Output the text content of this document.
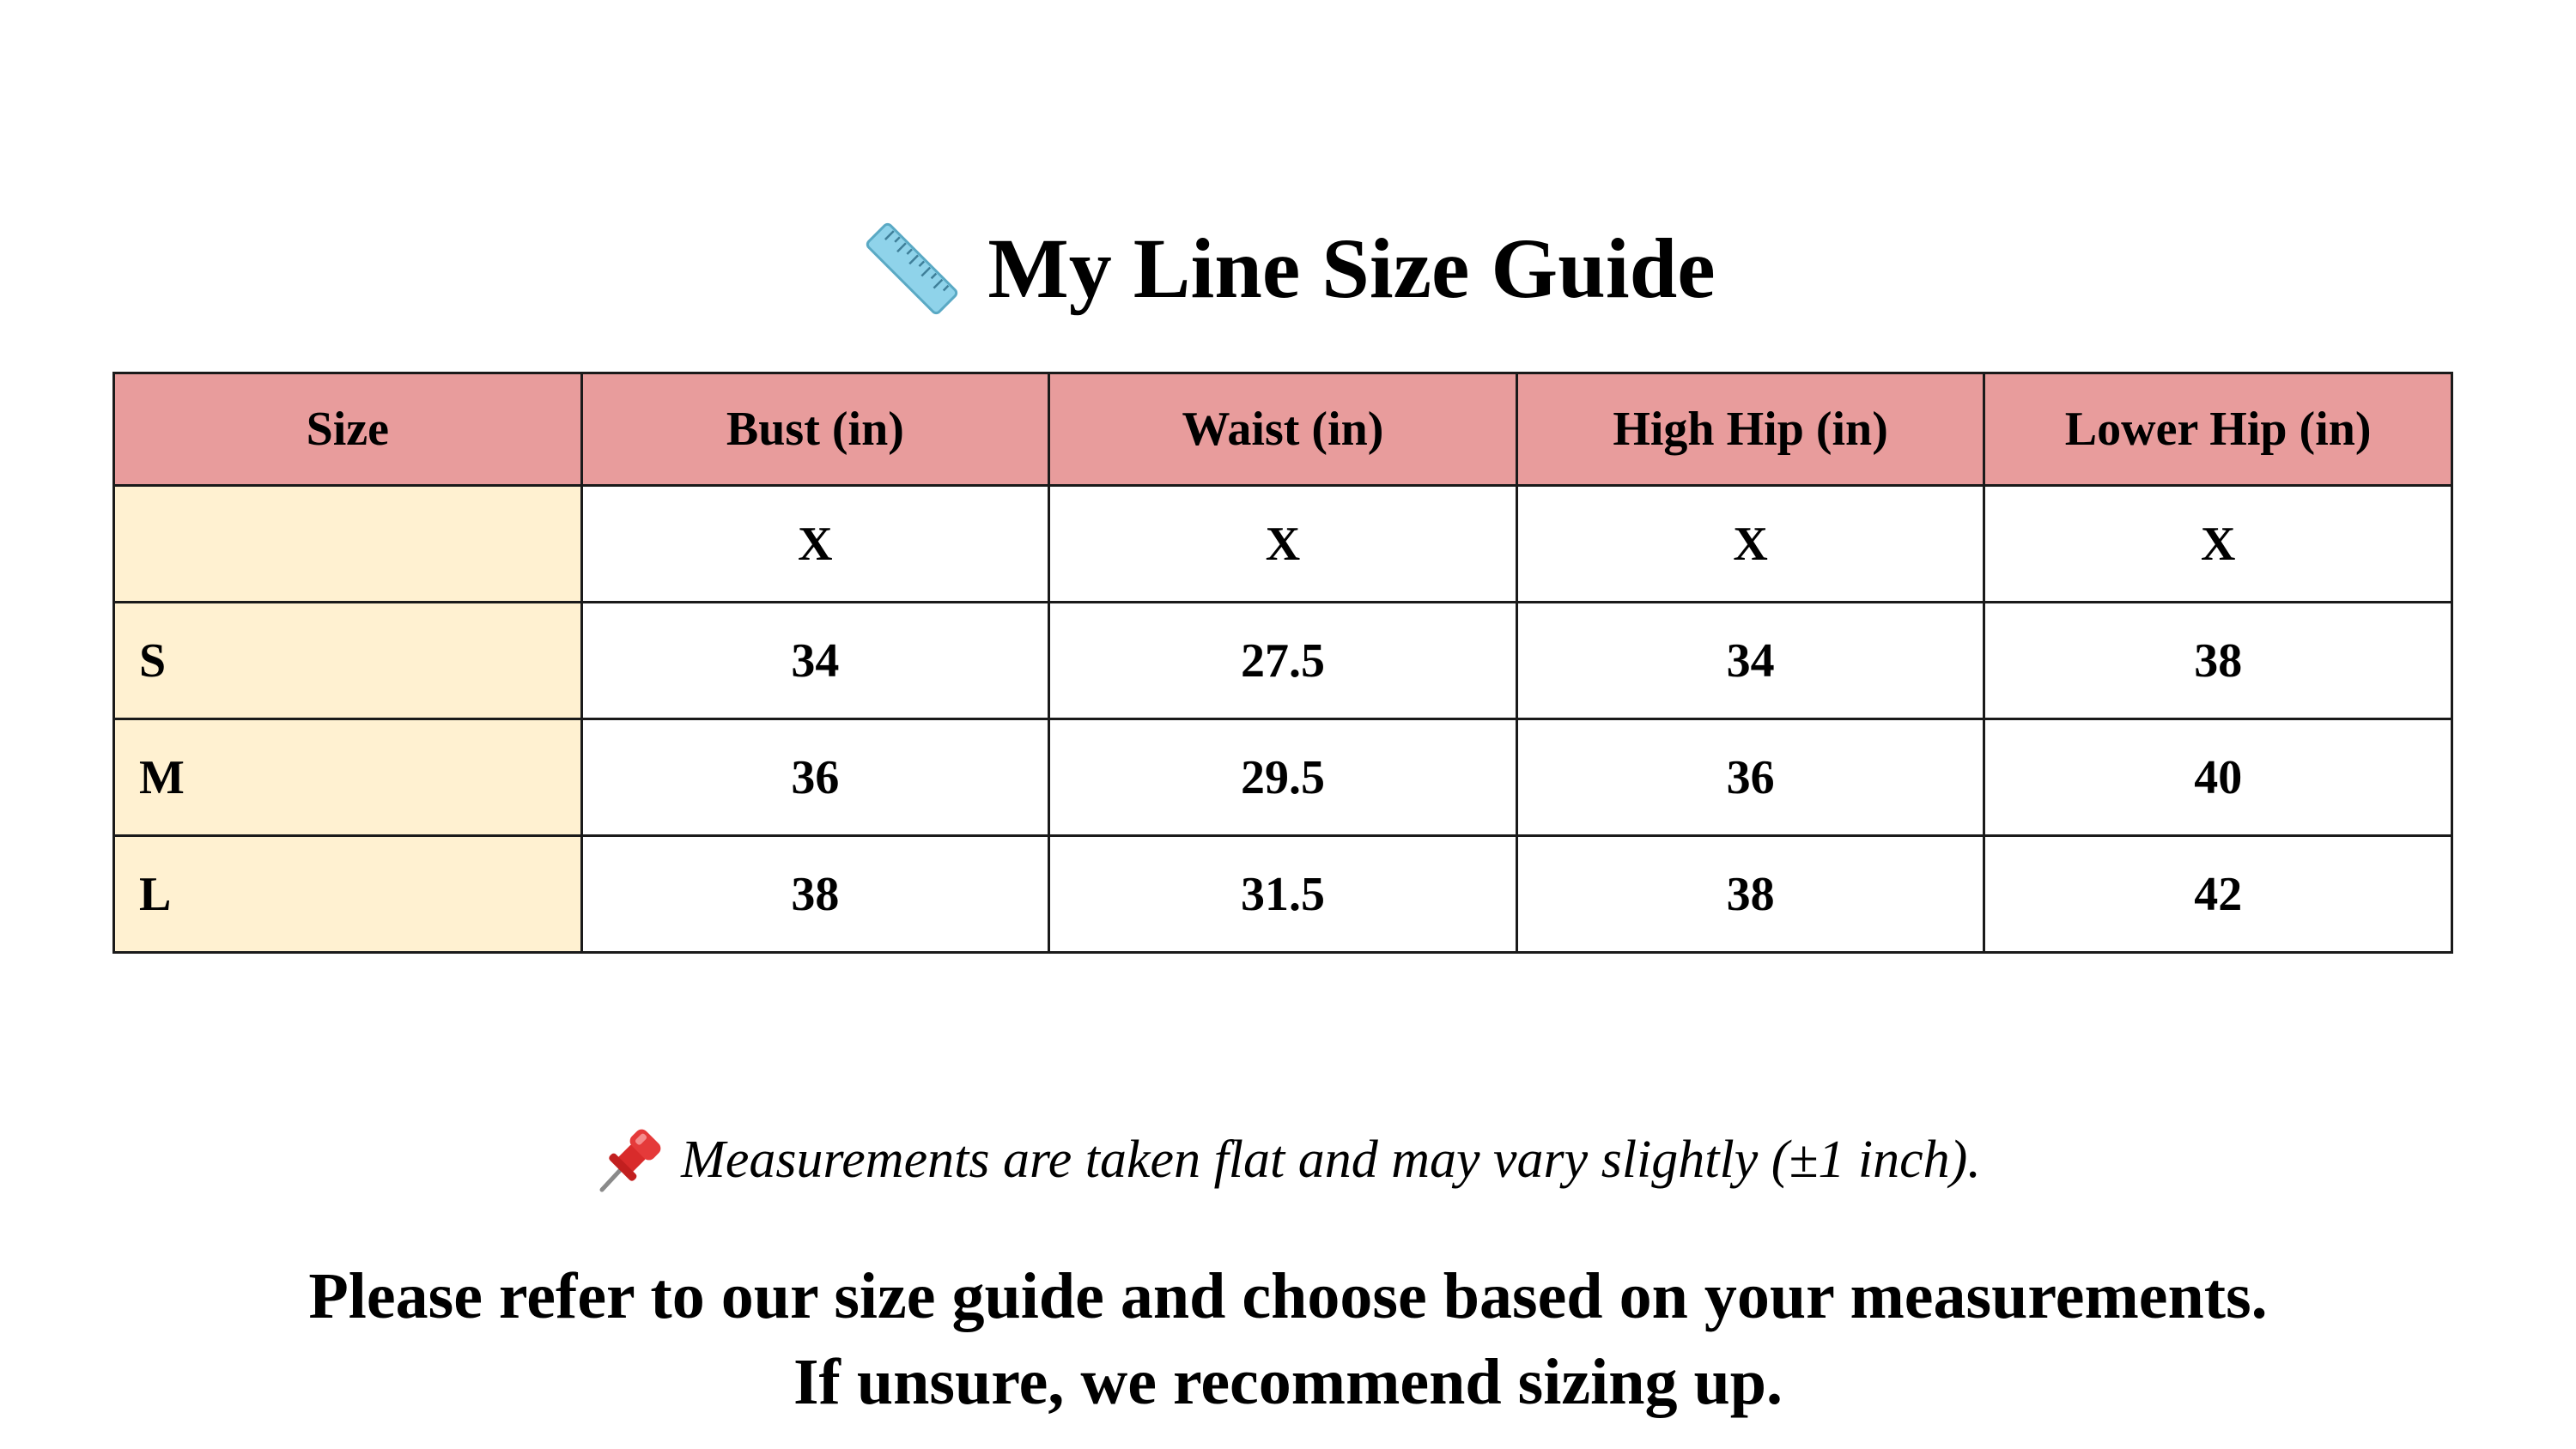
My Line Size Guide
Size	Bust (in)	Waist (in)	High Hip (in)	Lower Hip (in)
	X	X	X	X
S	34	27.5	34	38
M	36	29.5	36	40
L	38	31.5	38	42
Measurements are taken flat and may vary slightly (±1 inch).
Please refer to our size guide and choose based on your measurements.
If unsure, we recommend sizing up.
